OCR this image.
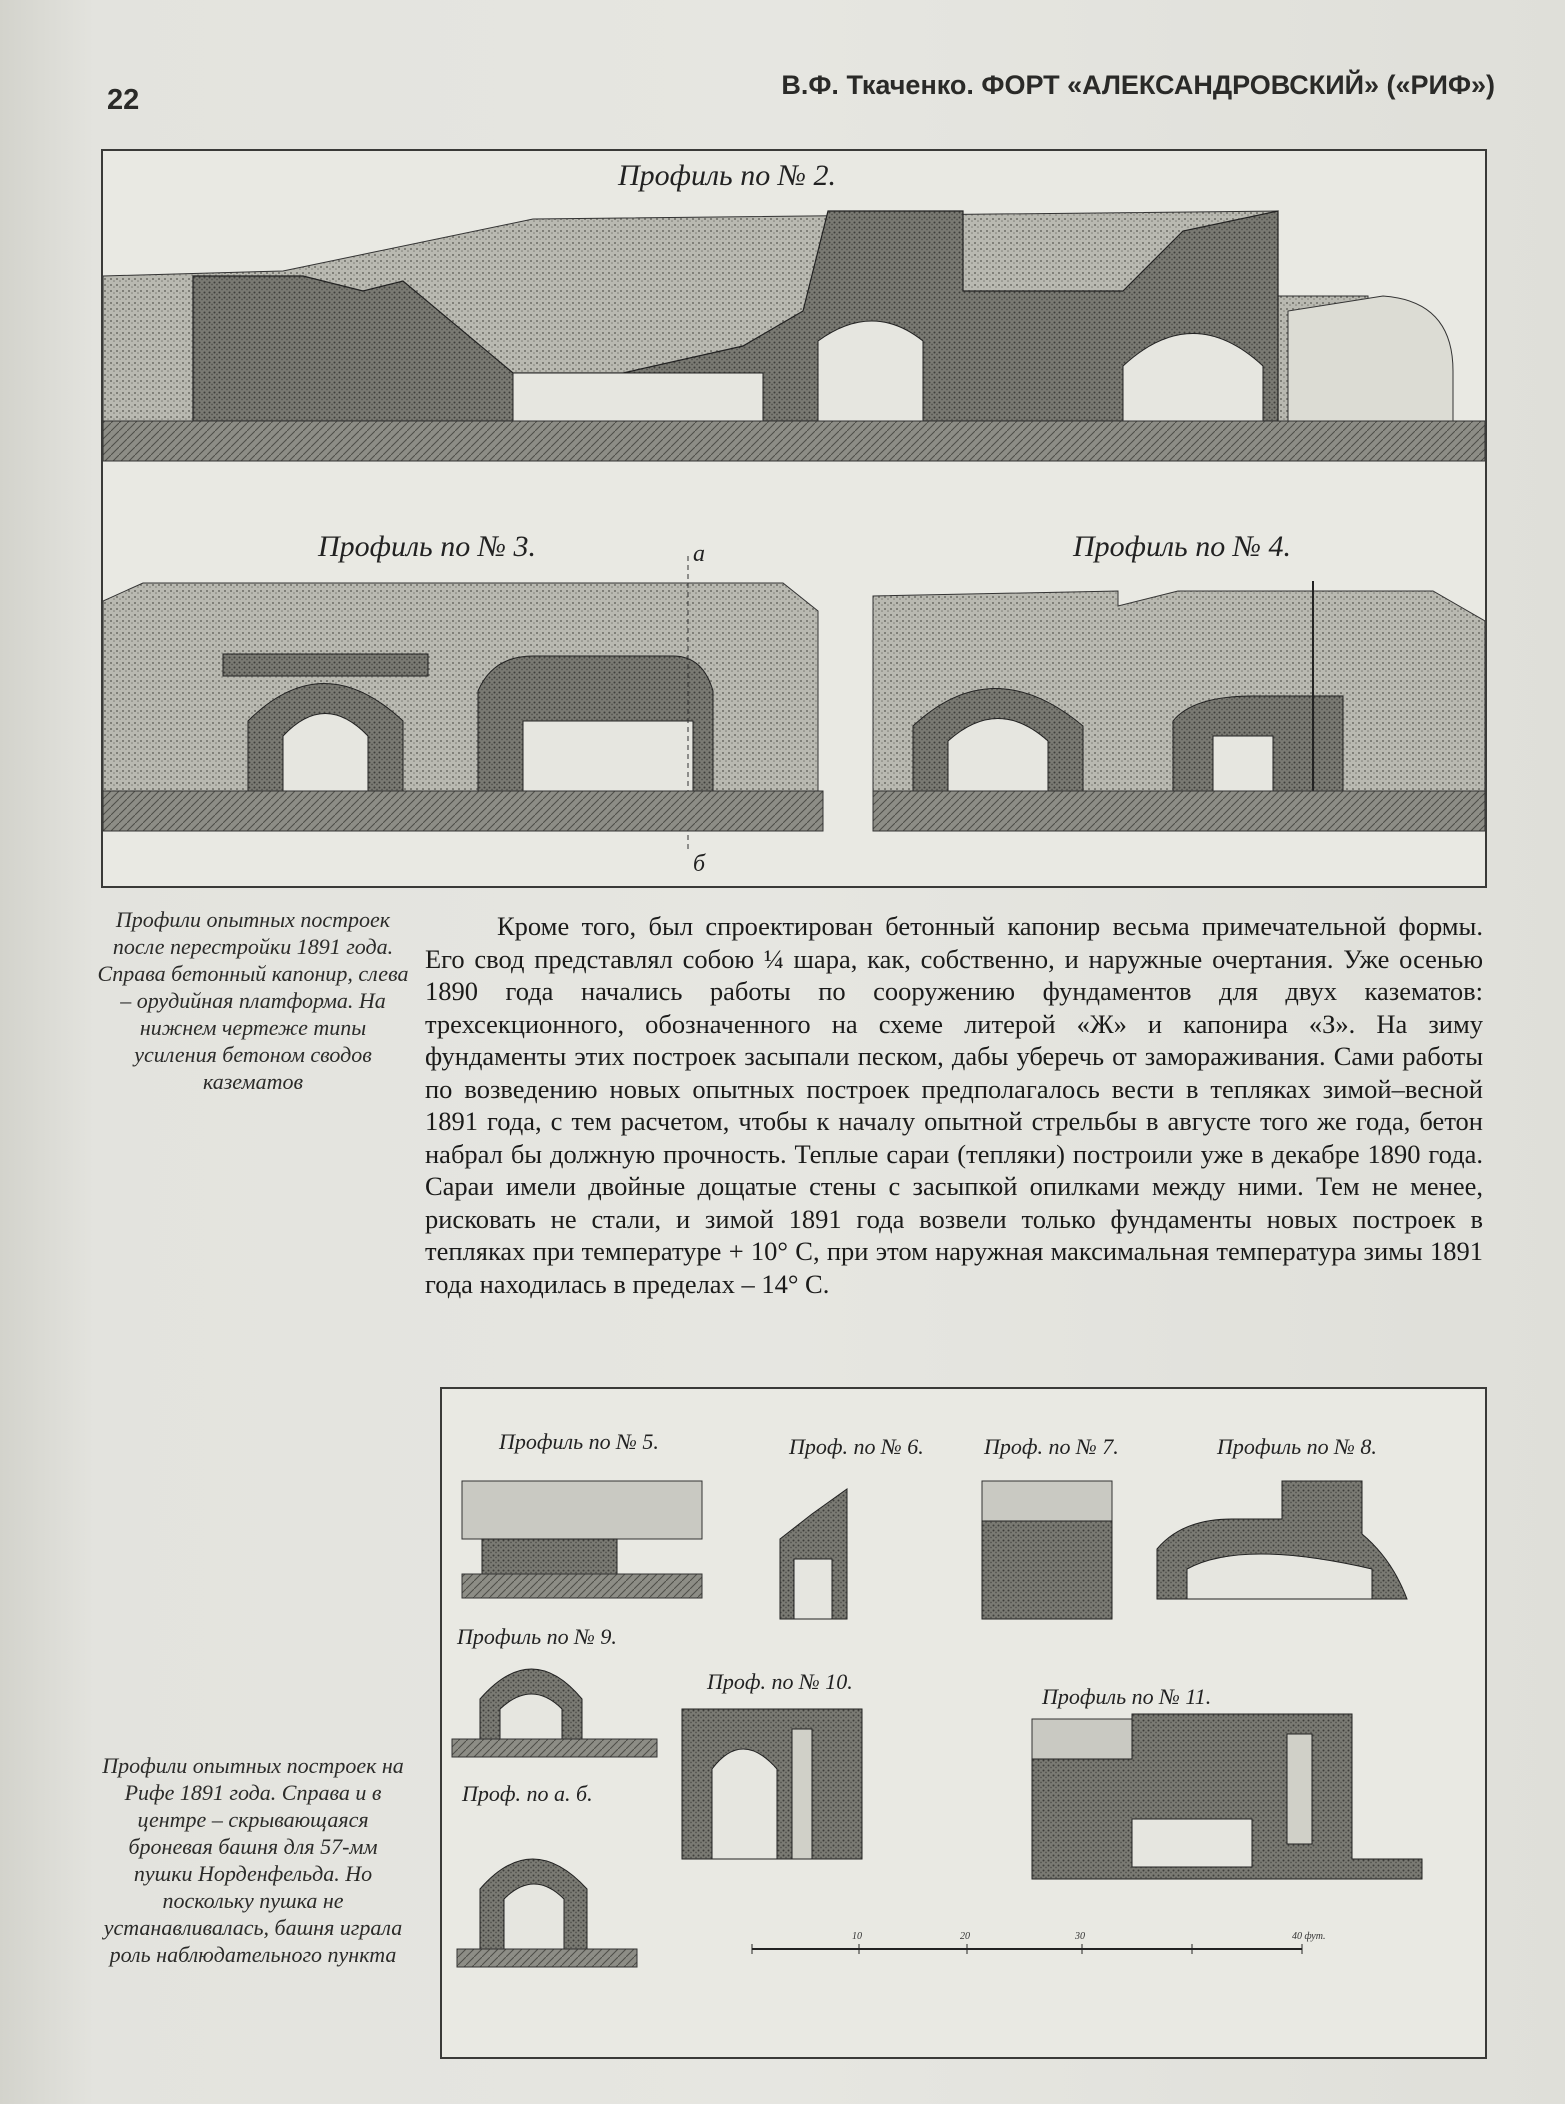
22	В.Ф. Ткаченко. ФОРТ «АЛЕКСАНДРОВСКИЙ» («РИФ»)
Профиль по № 2.
Профиль по № 3.	а
б
Профиль по № 4.
Профили опытных построек после перестройки 1891 года. Справа бетонный капонир, слева – орудийная платформа. На нижнем чертеже типы усиления бетоном сводов казематов

Кроме того, был спроектирован бетонный капонир весьма примечательной формы. Его свод представлял собою ¼ шара, как, собственно, и наружные очертания. Уже осенью 1890 года начались работы по сооружению фундаментов для двух казематов: трехсекционного, обозначенного на схеме литерой «Ж» и капонира «З». На зиму фундаменты этих построек засыпали песком, дабы уберечь от замораживания. Сами работы по возведению новых опытных построек предполагалось вести в тепляках зимой–весной 1891 года, с тем расчетом, чтобы к началу опытной стрельбы в августе того же года, бетон набрал бы должную прочность. Теплые сараи (тепляки) построили уже в декабре 1890 года. Сараи имели двойные дощатые стены с засыпкой опилками между ними. Тем не менее, рисковать не стали, и зимой 1891 года возвели только фундаменты новых построек в тепляках при температуре + 10° С, при этом наружная максимальная температура зимы 1891 года находилась в пределах – 14° С.

Профиль по № 5.	Проф. по № 6.	Проф. по № 7.	Профиль по № 8.
Профиль по № 9.
Проф. по № 10.
Профиль по № 11.
Проф. по а. б.
10	20	30	40 фут.
Профили опытных построек на Рифе 1891 года. Справа и в центре – скрывающаяся броневая башня для 57-мм пушки Норденфельда. Но поскольку пушка не устанавливалась, башня играла роль наблюдательного пункта
